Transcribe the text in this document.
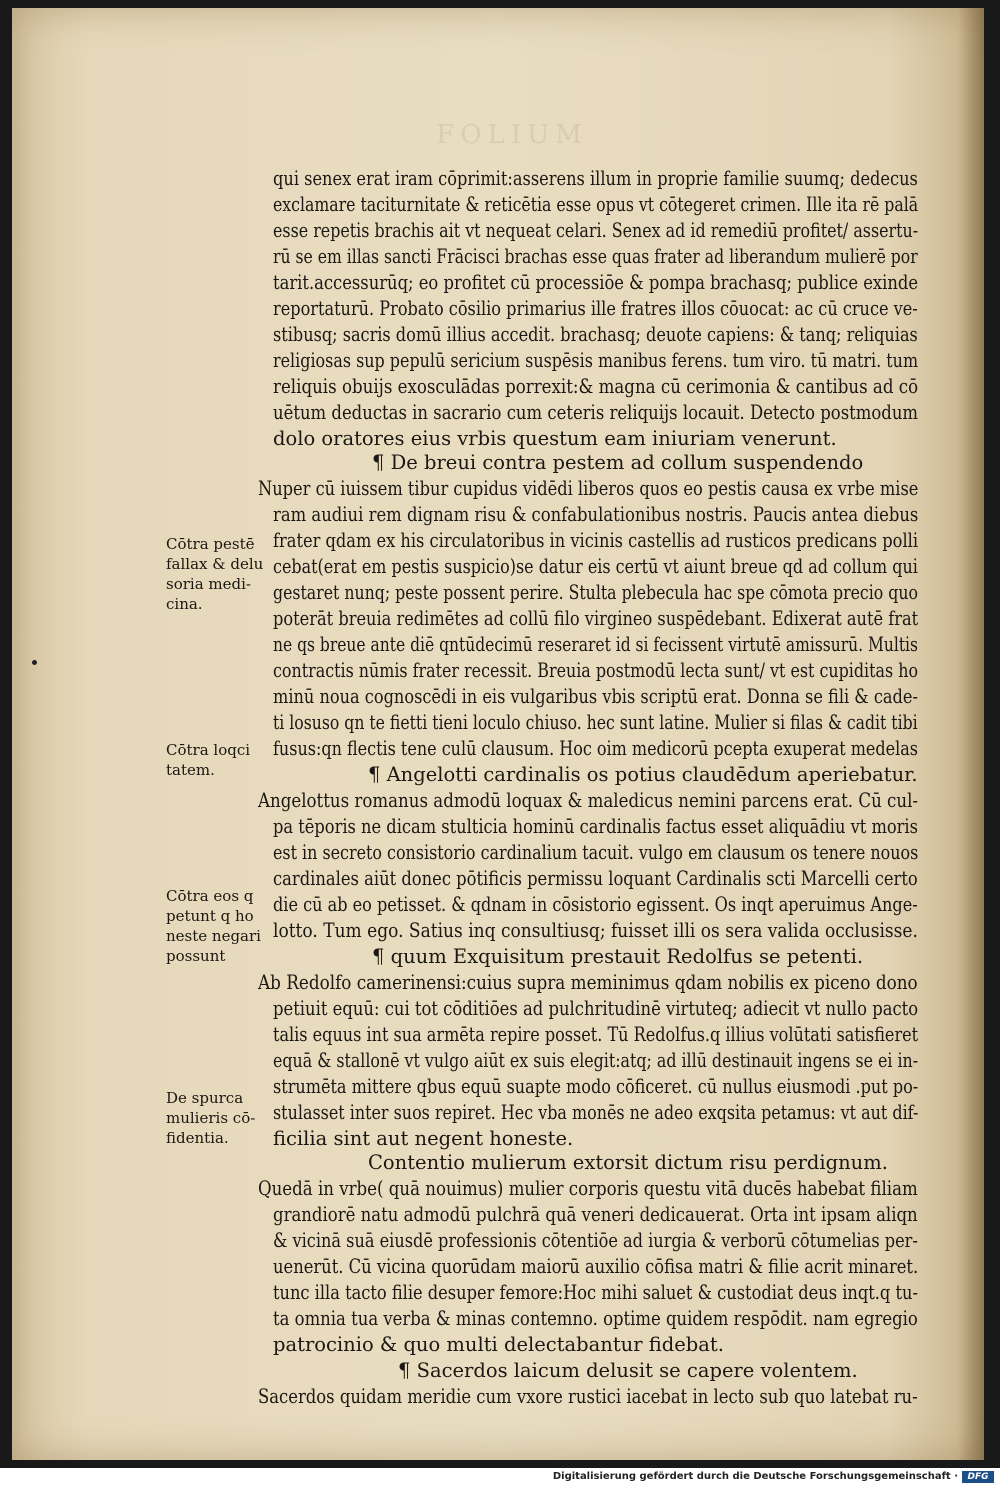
FOLIUM
qui senex erat iram cōprimit:asserens illum in proprie familie suumq; dedecus
exclamare taciturnitate & reticētia esse opus vt cōtegeret crimen. Ille ita rē palā
esse repetis brachis ait vt nequeat celari. Senex ad id remediū profitet/ assertu-
rū se em illas sancti Frācisci brachas esse quas frater ad liberandum mulierē por
tarit.accessurūq; eo profitet cū processiōe & pompa brachasq; publice exinde
reportaturū. Probato cōsilio primarius ille fratres illos cōuocat: ac cū cruce ve-
stibusq; sacris domū illius accedit. brachasq; deuote capiens: & tanq; reliquias
religiosas sup pepulū sericium suspēsis manibus ferens. tum viro. tū matri. tum
reliquis obuijs exosculādas porrexit:& magna cū cerimonia & cantibus ad cō
uētum deductas in sacrario cum ceteris reliquijs locauit. Detecto postmodum
dolo oratores eius vrbis questum eam iniuriam venerunt.
¶ De breui contra pestem ad collum suspendendo
Nuper cū iuissem tibur cupidus vidēdi liberos quos eo pestis causa ex vrbe mise
ram audiui rem dignam risu & confabulationibus nostris. Paucis antea diebus
frater qdam ex his circulatoribus in vicinis castellis ad rusticos predicans polli
cebat(erat em pestis suspicio)se datur eis certū vt aiunt breue qd ad collum qui
gestaret nunq; peste possent perire. Stulta plebecula hac spe cōmota precio quo
poterāt breuia redimētes ad collū filo virgineo suspēdebant. Edixerat autē frat
ne qs breue ante diē qntūdecimū reseraret id si fecissent virtutē amissurū. Multis
contractis nūmis frater recessit. Breuia postmodū lecta sunt/ vt est cupiditas ho
minū noua cognoscēdi in eis vulgaribus vbis scriptū erat. Donna se fili & cade-
ti losuso qn te fietti tieni loculo chiuso. hec sunt latine. Mulier si filas & cadit tibi
fusus:qn flectis tene culū clausum. Hoc oim medicorū pcepta exuperat medelas
¶ Angelotti cardinalis os potius claudēdum aperiebatur.
Angelottus romanus admodū loquax & maledicus nemini parcens erat. Cū cul-
pa tēporis ne dicam stulticia hominū cardinalis factus esset aliquādiu vt moris
est in secreto consistorio cardinalium tacuit. vulgo em clausum os tenere nouos
cardinales aiūt donec pōtificis permissu loquant Cardinalis scti Marcelli certo
die cū ab eo petisset. & qdnam in cōsistorio egissent. Os inqt aperuimus Ange-
lotto. Tum ego. Satius inq consultiusq; fuisset illi os sera valida occlusisse.
¶ quum Exquisitum prestauit Redolfus se petenti.
Ab Redolfo camerinensi:cuius supra meminimus qdam nobilis ex piceno dono
petiuit equū: cui tot cōditiōes ad pulchritudinē virtuteq; adiecit vt nullo pacto
talis equus int sua armēta repire posset. Tū Redolfus.q illius volūtati satisfieret
equā & stallonē vt vulgo aiūt ex suis elegit:atq; ad illū destinauit ingens se ei in-
strumēta mittere qbus equū suapte modo cōficeret. cū nullus eiusmodi .put po-
stulasset inter suos repiret. Hec vba monēs ne adeo exqsita petamus: vt aut dif-
ficilia sint aut negent honeste.
Contentio mulierum extorsit dictum risu perdignum.
Quedā in vrbe( quā nouimus) mulier corporis questu vitā ducēs habebat filiam
grandiorē natu admodū pulchrā quā veneri dedicauerat. Orta int ipsam aliqn
& vicinā suā eiusdē professionis cōtentiōe ad iurgia & verborū cōtumelias per-
uenerūt. Cū vicina quorūdam maiorū auxilio cōfisa matri & filie acrit minaret.
tunc illa tacto filie desuper femore:Hoc mihi saluet & custodiat deus inqt.q tu-
ta omnia tua verba & minas contemno. optime quidem respōdit. nam egregio
patrocinio & quo multi delectabantur fidebat.
¶ Sacerdos laicum delusit se capere volentem.
Sacerdos quidam meridie cum vxore rustici iacebat in lecto sub quo latebat ru-
Cōtra pestē
fallax & delu
soria medi-
cina.
Cōtra loqci
tatem.
Cōtra eos q
petunt q ho
neste negari
possunt
De spurca
mulieris cō-
fidentia.
Digitalisierung gefördert durch die Deutsche Forschungsgemeinschaft ·	DFG
